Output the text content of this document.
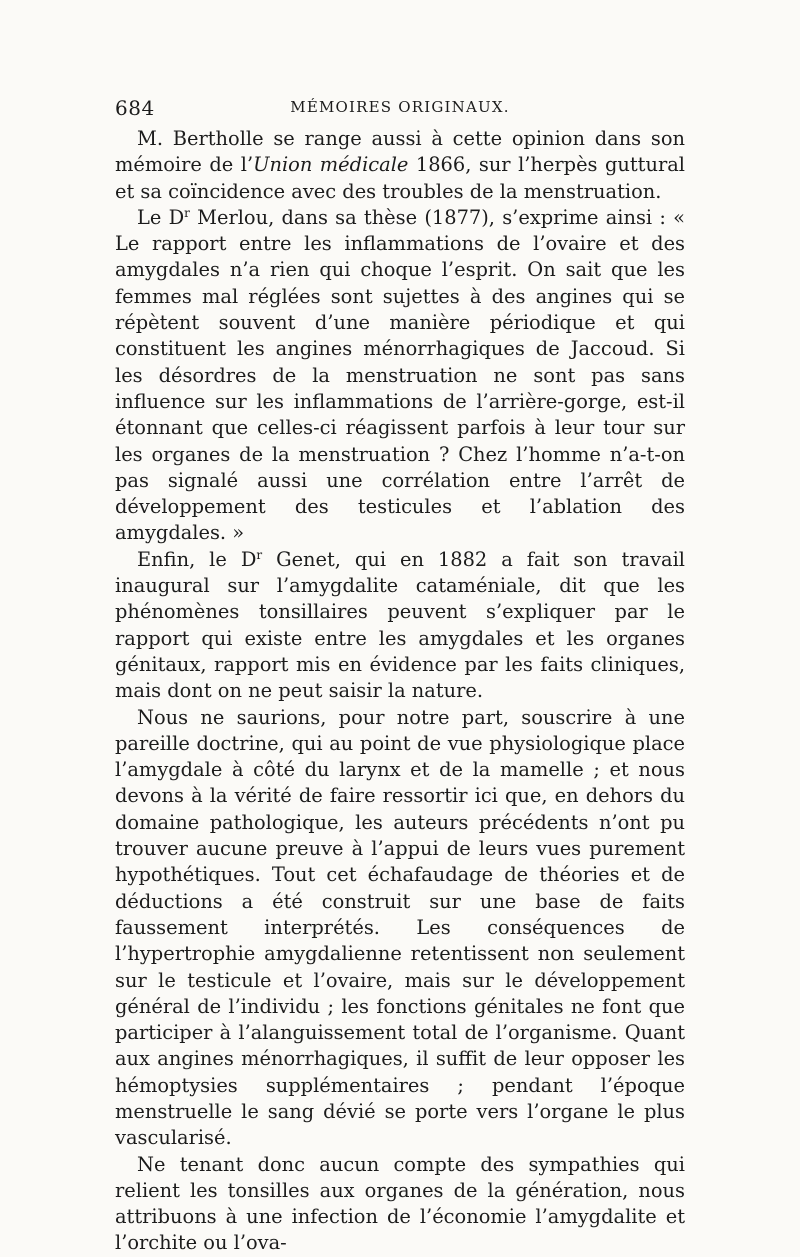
684	MÉMOIRES ORIGINAUX.

M. Bertholle se range aussi à cette opinion dans son mémoire de l’Union médicale 1866, sur l’herpès guttural et sa coïncidence avec des troubles de la menstruation.

Le $D^r$ Merlou, dans sa thèse (1877), s’exprime ainsi : « Le rapport entre les inflammations de l’ovaire et des amygdales n’a rien qui choque l’esprit. On sait que les femmes mal réglées sont sujettes à des angines qui se répètent souvent d’une manière périodique et qui constituent les angines ménorrhagiques de Jaccoud. Si les désordres de la menstruation ne sont pas sans influence sur les inflammations de l’arrière-gorge, est-il étonnant que celles-ci réagissent parfois à leur tour sur les organes de la menstruation ? Chez l’homme n’a-t-on pas signalé aussi une corrélation entre l’arrêt de développement des testicules et l’ablation des amygdales. »

Enfin, le $D^r$ Genet, qui en 1882 a fait son travail inaugural sur l’amygdalite cataméniale, dit que les phénomènes tonsillaires peuvent s’expliquer par le rapport qui existe entre les amygdales et les organes génitaux, rapport mis en évidence par les faits cliniques, mais dont on ne peut saisir la nature.

Nous ne saurions, pour notre part, souscrire à une pareille doctrine, qui au point de vue physiologique place l’amygdale à côté du larynx et de la mamelle ; et nous devons à la vérité de faire ressortir ici que, en dehors du domaine pathologique, les auteurs précédents n’ont pu trouver aucune preuve à l’appui de leurs vues purement hypothétiques. Tout cet échafaudage de théories et de déductions a été construit sur une base de faits faussement interprétés. Les conséquences de l’hypertrophie amygdalienne retentissent non seulement sur le testicule et l’ovaire, mais sur le développement général de l’individu ; les fonctions génitales ne font que participer à l’alanguissement total de l’organisme. Quant aux angines ménorrhagiques, il suffit de leur opposer les hémoptysies supplémentaires ; pendant l’époque menstruelle le sang dévié se porte vers l’organe le plus vascularisé.

Ne tenant donc aucun compte des sympathies qui relient les tonsilles aux organes de la génération, nous attribuons à une infection de l’économie l’amygdalite et l’orchite ou l’ova-
